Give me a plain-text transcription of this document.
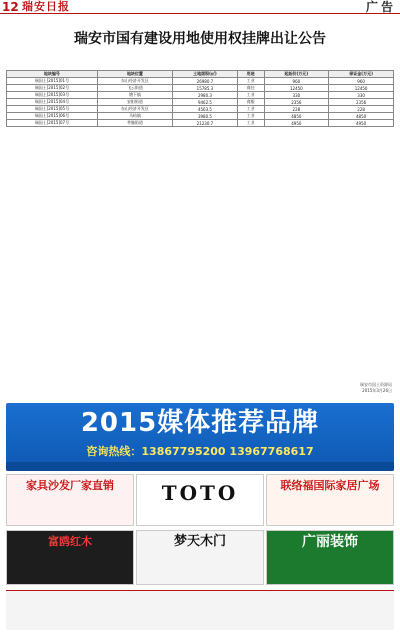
12 瑞安日报	广告
瑞安市国有建设用地使用权挂牌出让公告
地块编号	地块位置	土地面积(㎡)	用途	起始价(万元)	保证金(万元)
瑞国土[2015]01号	东山经济开发区	26980.7	工业	960	960
瑞国土[2015]02号	飞云街道	15785.3	商住	12450	12450
瑞国土[2015]03号	塘下镇	2980.3	工业	330	330
瑞国土[2015]04号	安阳街道	9462.5	商服	2356	2356
瑞国土[2015]05号	东山经济开发区	4563.5	工业	228	228
瑞国土[2015]06号	马屿镇	3980.5	工业	4850	4850
瑞国土[2015]07号	莘塍街道	21230.7	工业	4950	4950
瑞安市国土资源局
2015年3月26日
2015媒体推荐品牌
咨询热线：13867795200 13967768617
家具沙发厂家直销	TOTO	联络福国际家居广场
富鸥红木	梦天木门	广丽装饰
